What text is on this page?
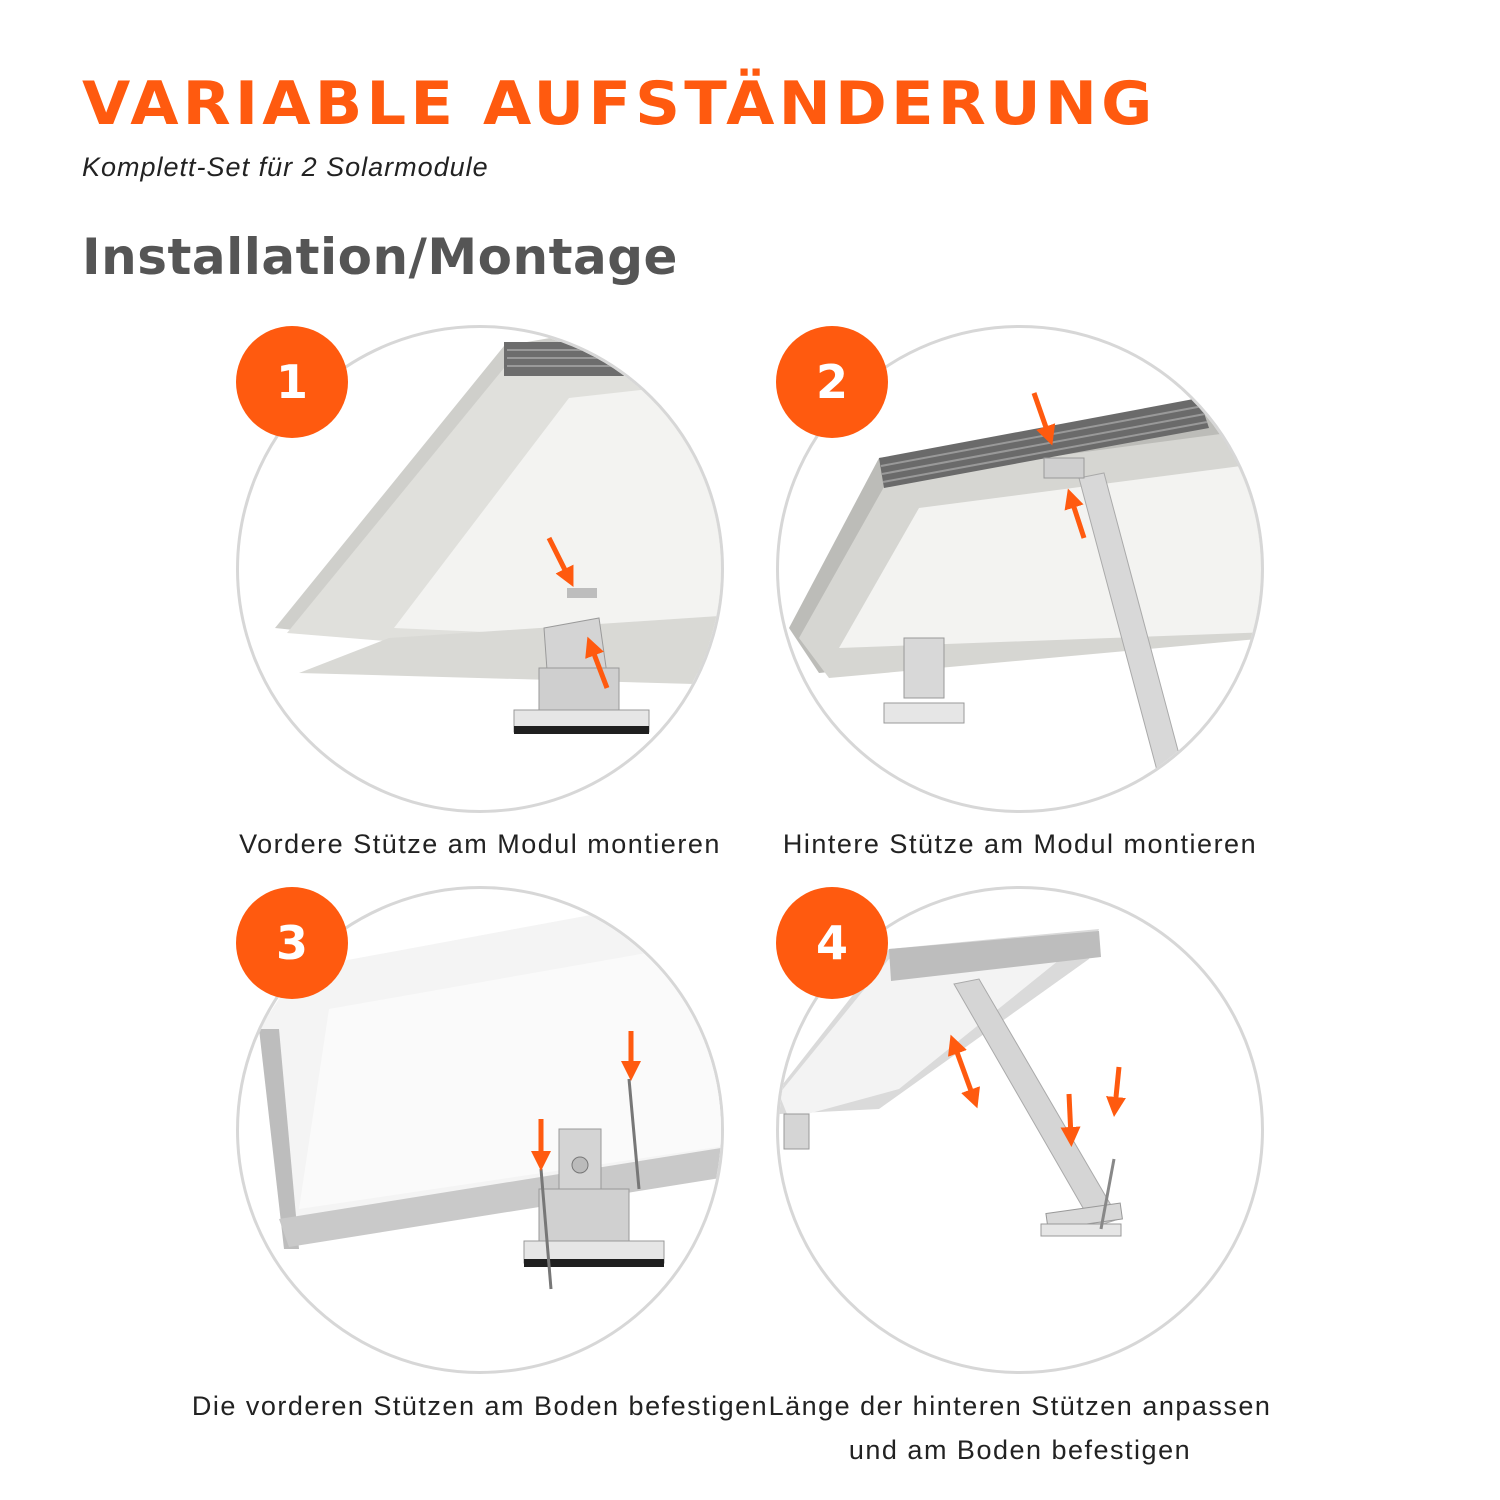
VARIABLE AUFSTÄNDERUNG
Komplett-Set für 2 Solarmodule
Installation/Montage
1
Vordere Stütze am Modul montieren
2
Hintere Stütze am Modul montieren
3
Die vorderen Stützen am Boden befestigen
4
Länge der hinteren Stützen anpassen
und am Boden befestigen
